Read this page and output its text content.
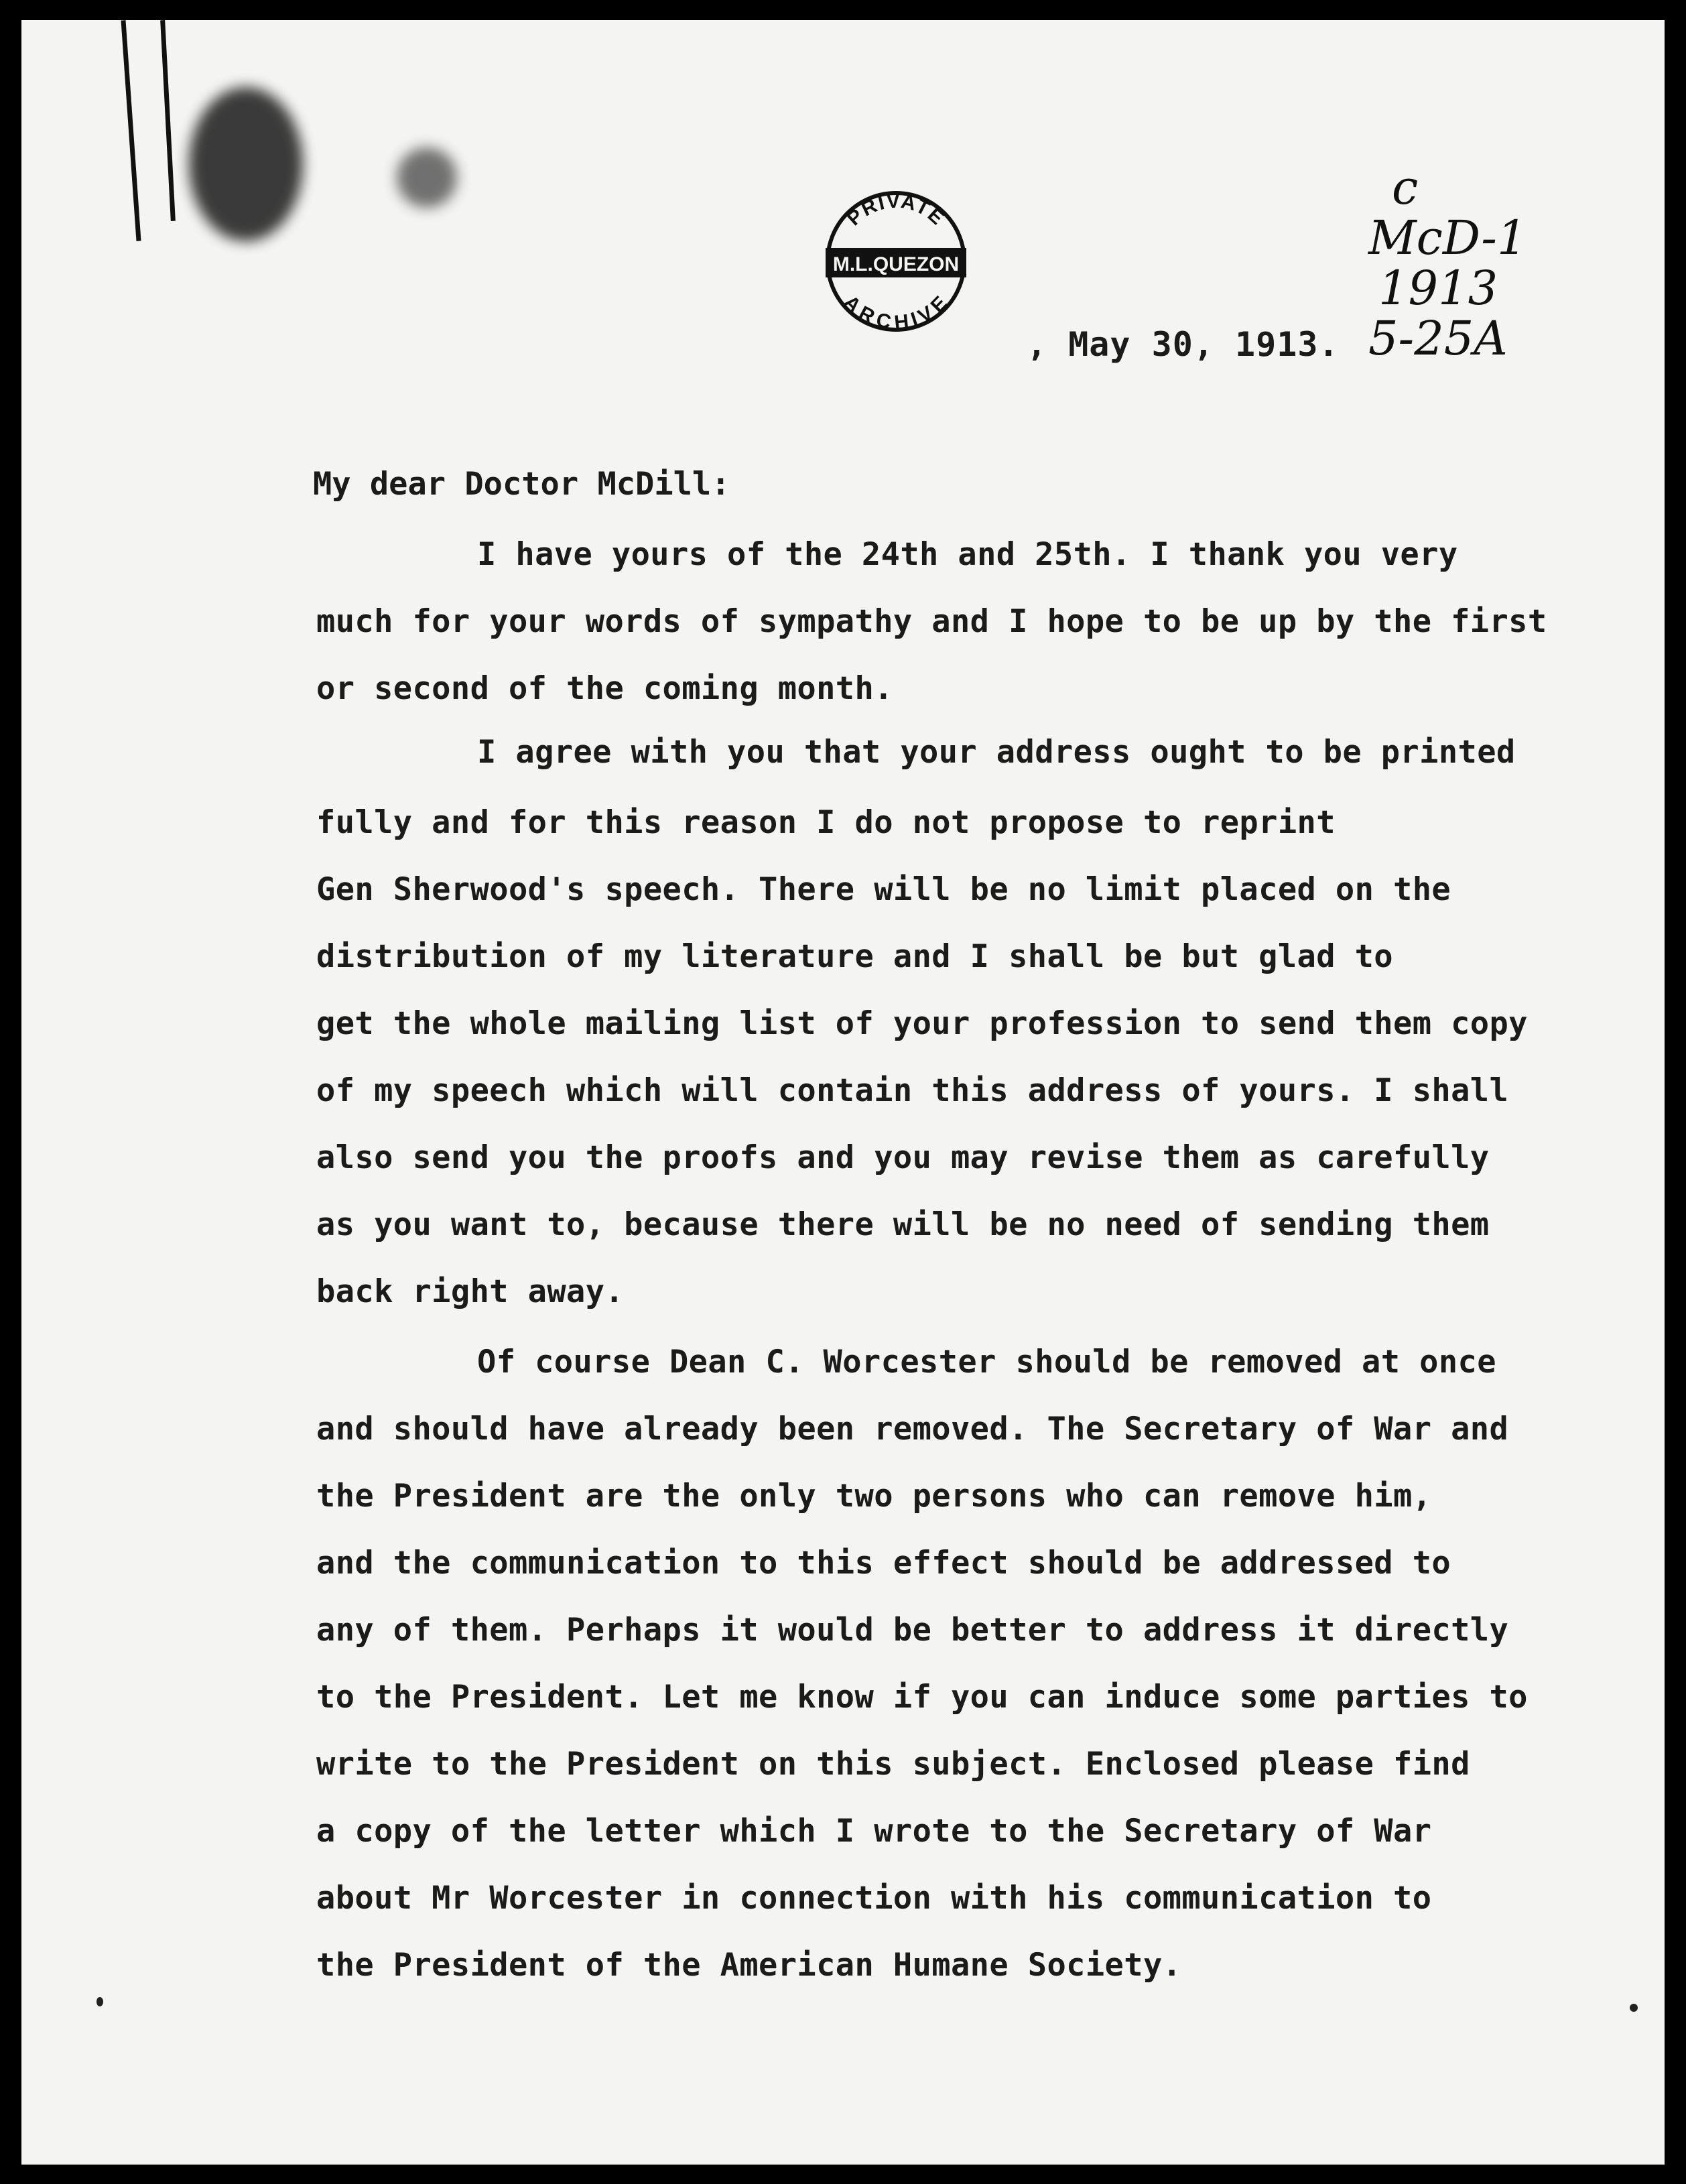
PRIVATE
M.L.QUEZON
ARCHIVE
c
McD-1
1913
5-25A
, May 30, 1913.
My dear Doctor McDill:
I have yours of the 24th and 25th. I thank you very
much for your words of sympathy and I hope to be up by the first
or second of the coming month.
I agree with you that your address ought to be printed
fully and for this reason I do not propose to reprint
Gen Sherwood's speech. There will be no limit placed on the
distribution of my literature and I shall be but glad to
get the whole mailing list of your profession to send them copy
of my speech which will contain this address of yours. I shall
also send you the proofs and you may revise them as carefully
as you want to, because there will be no need of sending them
back right away.
Of course Dean C. Worcester should be removed at once
and should have already been removed. The Secretary of War and
the President are the only two persons who can remove him,
and the communication to this effect should be addressed to
any of them. Perhaps it would be better to address it directly
to the President. Let me know if you can induce some parties to
write to the President on this subject. Enclosed please find
a copy of the letter which I wrote to the Secretary of War
about Mr Worcester in connection with his communication to
the President of the American Humane Society.
